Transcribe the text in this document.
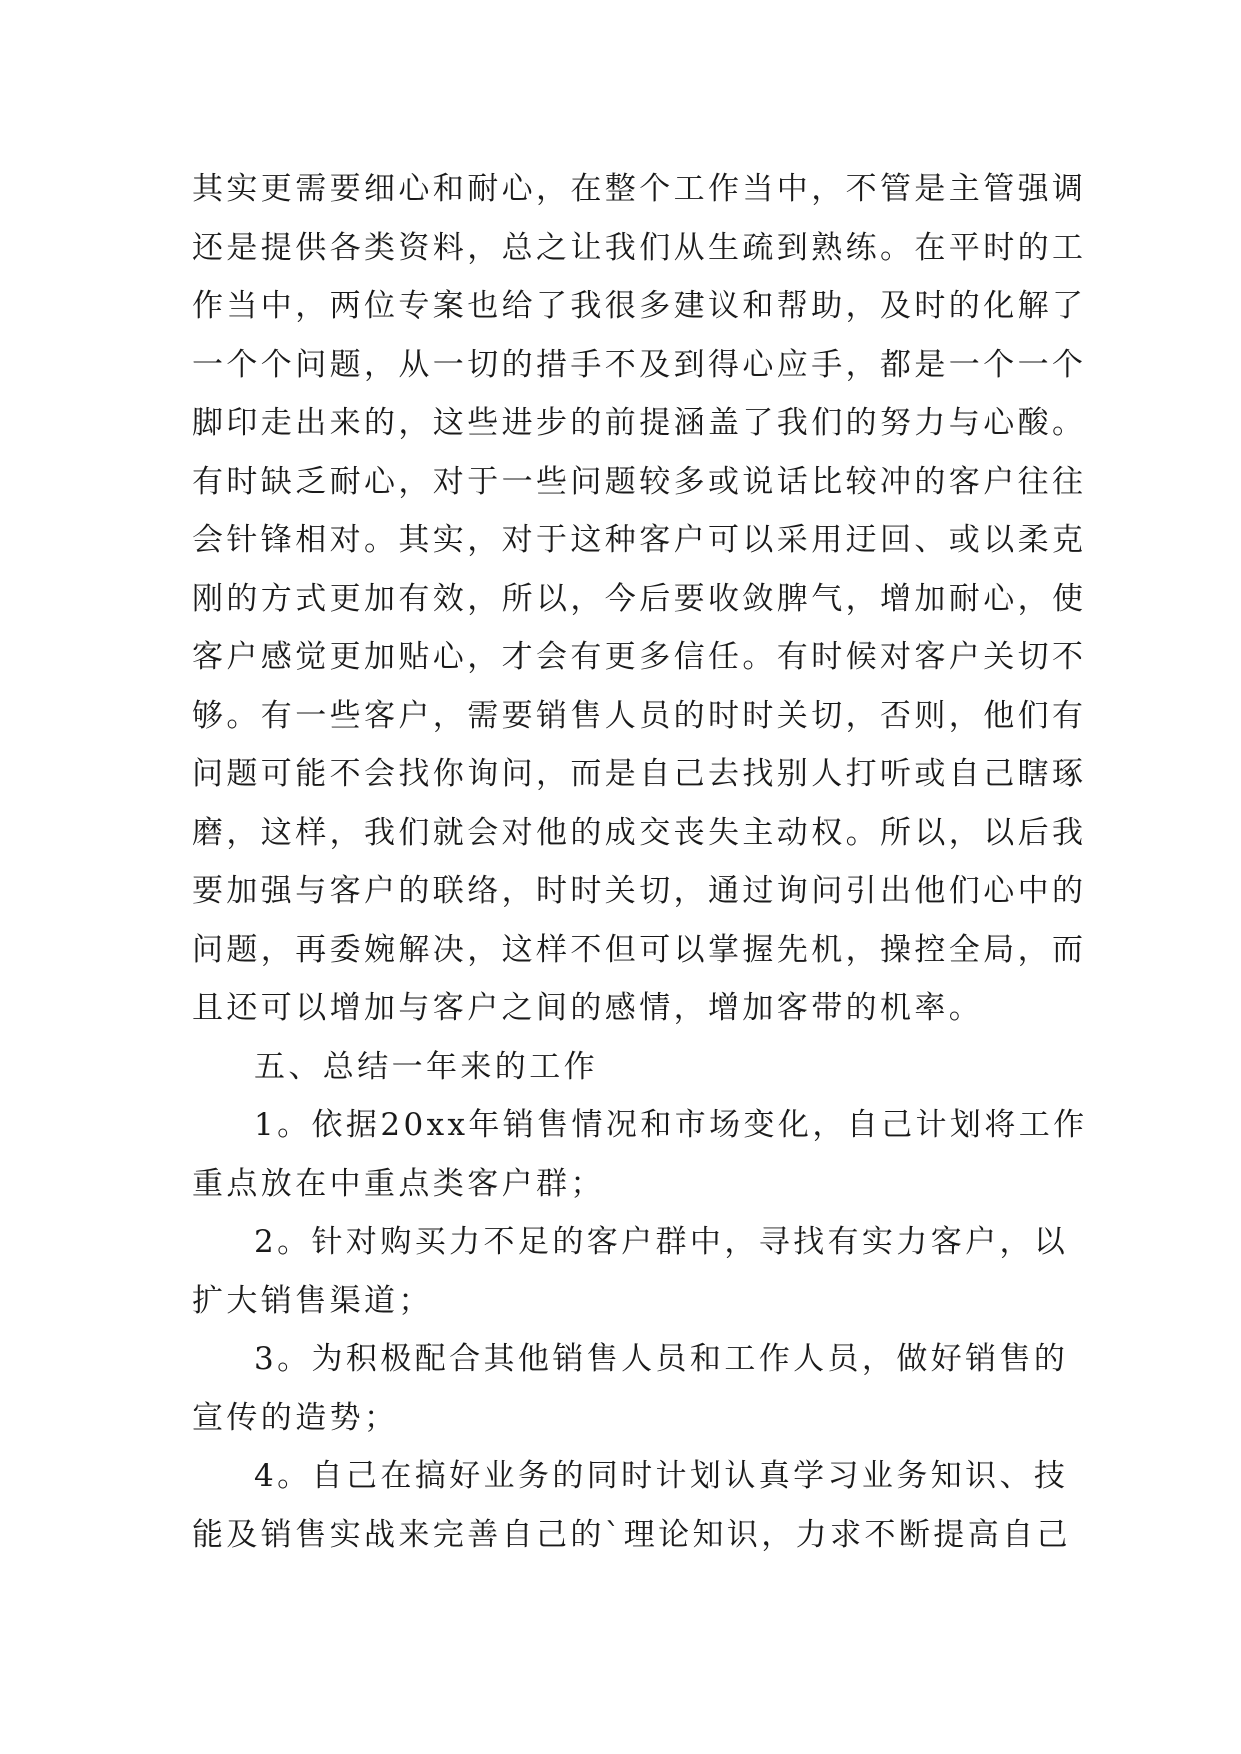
其实更需要细心和耐心，在整个工作当中，不管是主管强调
还是提供各类资料，总之让我们从生疏到熟练。在平时的工
作当中，两位专案也给了我很多建议和帮助，及时的化解了
一个个问题，从一切的措手不及到得心应手，都是一个一个
脚印走出来的，这些进步的前提涵盖了我们的努力与心酸。
有时缺乏耐心，对于一些问题较多或说话比较冲的客户往往
会针锋相对。其实，对于这种客户可以采用迂回、或以柔克
刚的方式更加有效，所以，今后要收敛脾气，增加耐心，使
客户感觉更加贴心，才会有更多信任。有时候对客户关切不
够。有一些客户，需要销售人员的时时关切，否则，他们有
问题可能不会找你询问，而是自己去找别人打听或自己瞎琢
磨，这样，我们就会对他的成交丧失主动权。所以，以后我
要加强与客户的联络，时时关切，通过询问引出他们心中的
问题，再委婉解决，这样不但可以掌握先机，操控全局，而
且还可以增加与客户之间的感情，增加客带的机率。
五、总结一年来的工作
1。依据20xx年销售情况和市场变化，自己计划将工作
重点放在中重点类客户群；
2。针对购买力不足的客户群中，寻找有实力客户，以
扩大销售渠道；
3。为积极配合其他销售人员和工作人员，做好销售的
宣传的造势；
4。自己在搞好业务的同时计划认真学习业务知识、技
能及销售实战来完善自己的`理论知识，力求不断提高自己
